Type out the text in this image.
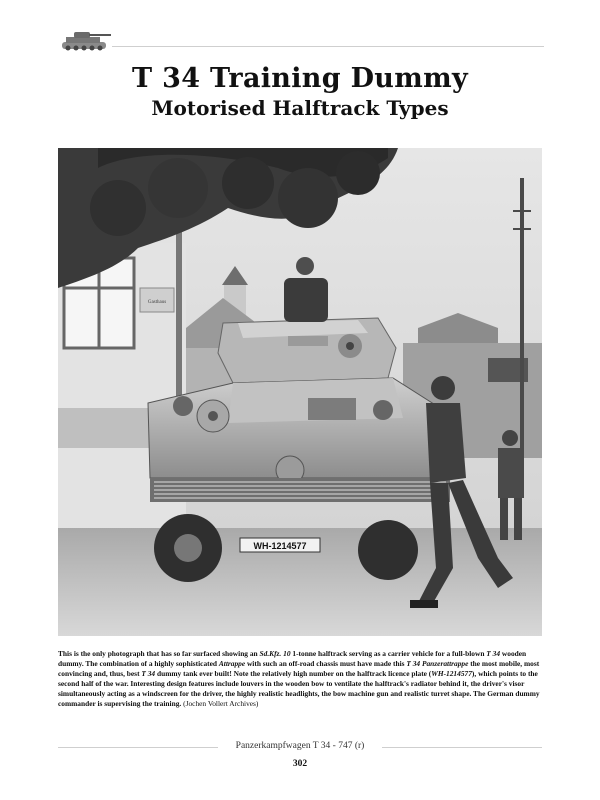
T 34 Training Dummy
Motorised Halftrack Types
Gasthaus
WH-1214577

This is the only photograph that has so far surfaced showing an Sd.Kfz. 10 1-tonne halftrack serving as a carrier vehicle for a full-blown T 34 wooden dummy. The combination of a highly sophisticated Attrappe with such an off-road chassis must have made this T 34 Panzerattrappe the most mobile, most convincing and, thus, best T 34 dummy tank ever built! Note the relatively high number on the halftrack licence plate (WH-1214577), which points to the second half of the war. Interesting design features include louvers in the wooden bow to ventilate the halftrack's radiator behind it, the driver's visor simultaneously acting as a windscreen for the driver, the highly realistic headlights, the bow machine gun and realistic turret shape. The German dummy commander is supervising the training. (Jochen Vollert Archives)

Panzerkampfwagen T 34 - 747 (r)
302
